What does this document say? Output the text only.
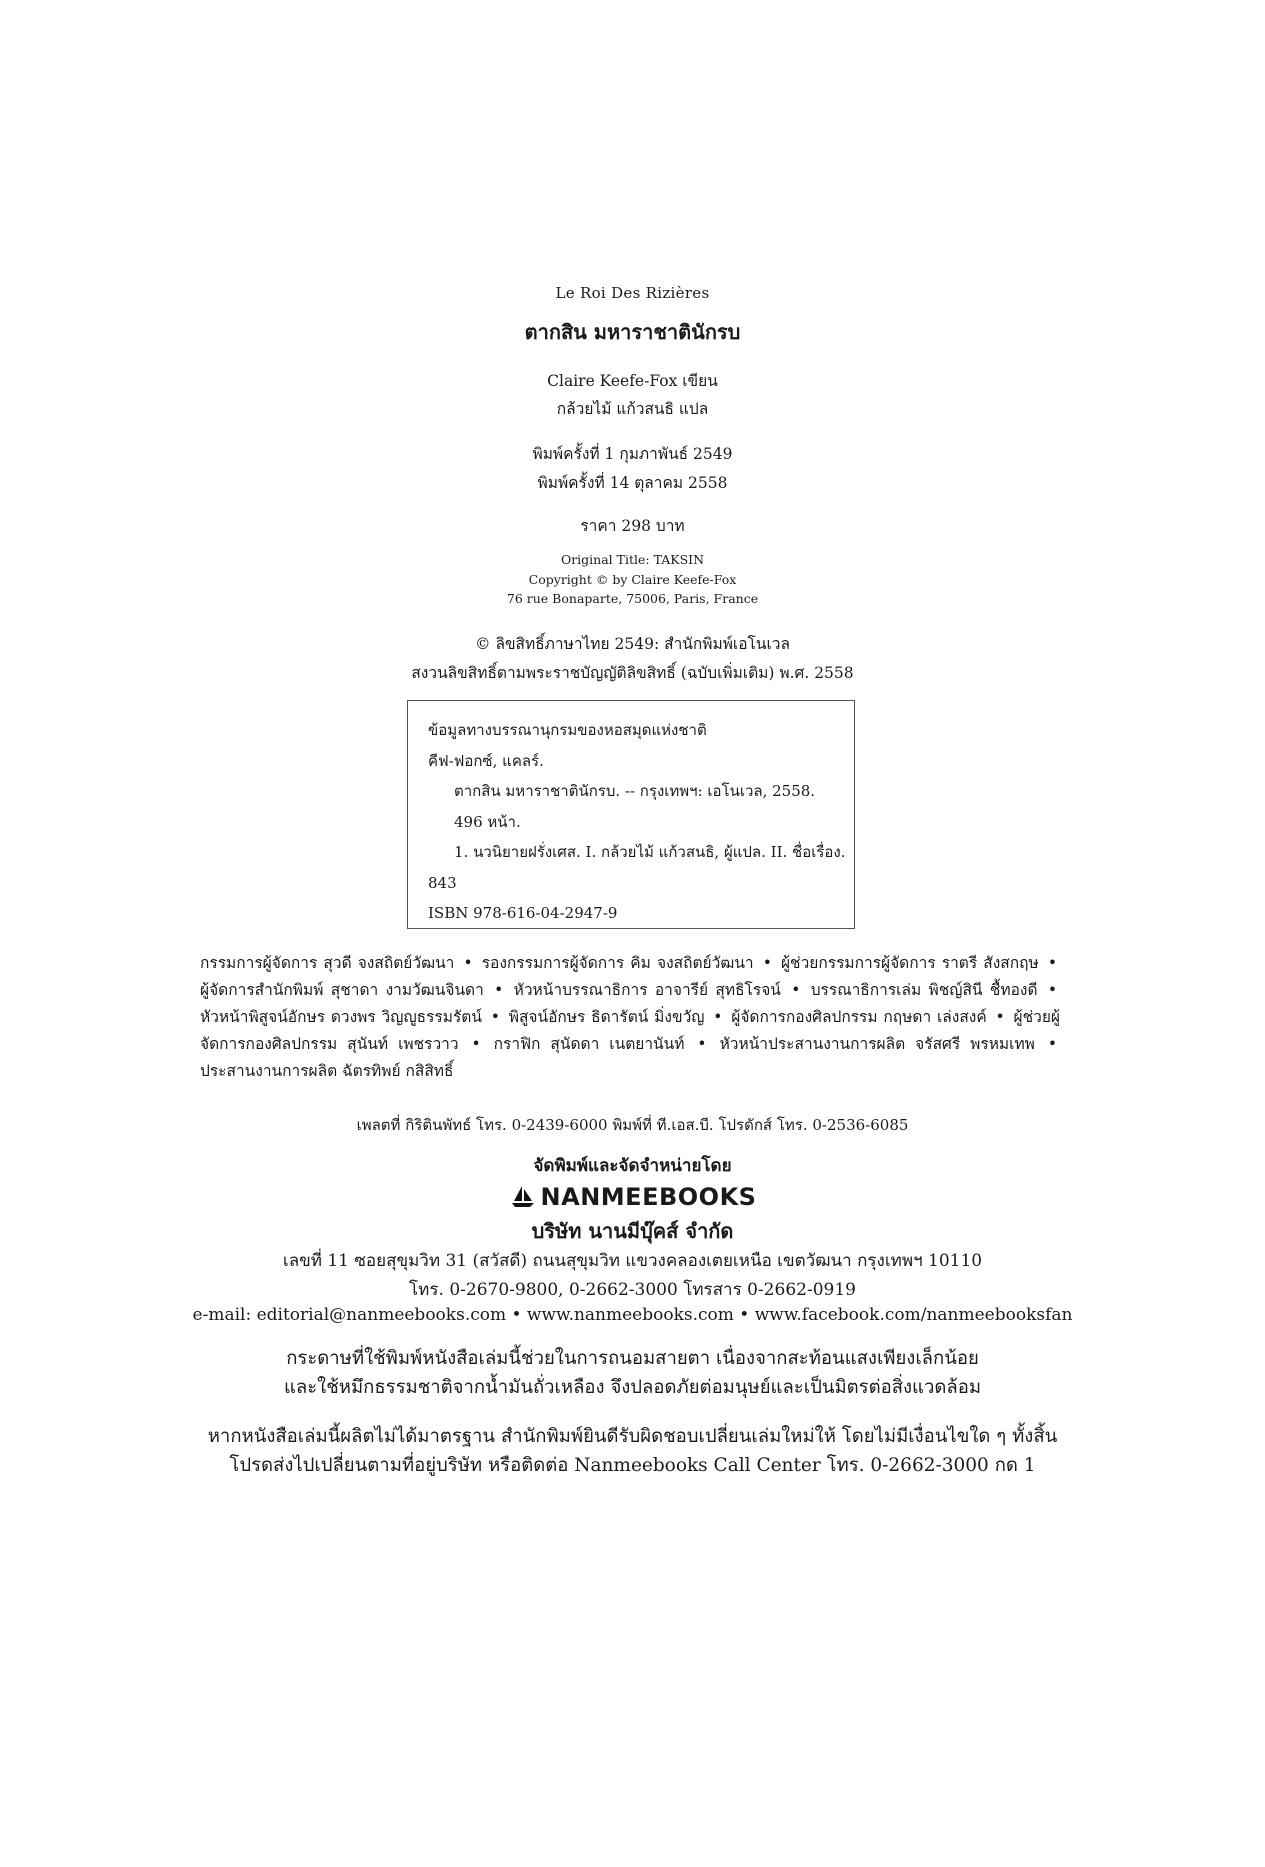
Le Roi Des Rizières
ตากสิน มหาราชาตินักรบ
Claire Keefe-Fox เขียน
กล้วยไม้ แก้วสนธิ แปล
พิมพ์ครั้งที่ 1 กุมภาพันธ์ 2549
พิมพ์ครั้งที่ 14 ตุลาคม 2558
ราคา 298 บาท
Original Title: TAKSIN
Copyright © by Claire Keefe-Fox
76 rue Bonaparte, 75006, Paris, France
© ลิขสิทธิ์ภาษาไทย 2549: สำนักพิมพ์เอโนเวล
สงวนลิขสิทธิ์ตามพระราชบัญญัติลิขสิทธิ์ (ฉบับเพิ่มเติม) พ.ศ. 2558
ข้อมูลทางบรรณานุกรมของหอสมุดแห่งชาติ
คีฟ-ฟอกซ์, แคลร์.
ตากสิน มหาราชาตินักรบ. -- กรุงเทพฯ: เอโนเวล, 2558.
496 หน้า.
1. นวนิยายฝรั่งเศส. I. กล้วยไม้ แก้วสนธิ, ผู้แปล. II. ชื่อเรื่อง.
843
ISBN 978-616-04-2947-9
กรรมการผู้จัดการ สุวดี จงสถิตย์วัฒนา • รองกรรมการผู้จัดการ คิม จงสถิตย์วัฒนา • ผู้ช่วยกรรมการผู้จัดการ ราตรี สังสกฤษ • ผู้จัดการสำนักพิมพ์ สุชาดา งามวัฒนจินดา • หัวหน้าบรรณาธิการ อาจารีย์ สุทธิโรจน์ • บรรณาธิการเล่ม พิชญ์สินี ชื้ทองดี • หัวหน้าพิสูจน์อักษร ดวงพร วิญญูธรรมรัตน์ • พิสูจน์อักษร ธิดารัตน์ มิ่งขวัญ • ผู้จัดการกองศิลปกรรม กฤษดา เล่งสงค์ • ผู้ช่วยผู้จัดการกองศิลปกรรม สุนันท์ เพชรวาว • กราฟิก สุนัดดา เนตยานันท์ • หัวหน้าประสานงานการผลิต จรัสศรี พรหมเทพ • ประสานงานการผลิต ฉัตรทิพย์ กสิสิทธิ์
เพลตที่ กิริตินพัทธ์ โทร. 0-2439-6000 พิมพ์ที่ ที.เอส.บี. โปรดักส์ โทร. 0-2536-6085
จัดพิมพ์และจัดจำหน่ายโดย
NANMEEBOOKS
บริษัท นานมีบุ๊คส์ จำกัด
เลขที่ 11 ซอยสุขุมวิท 31 (สวัสดี) ถนนสุขุมวิท แขวงคลองเตยเหนือ เขตวัฒนา กรุงเทพฯ 10110
โทร. 0-2670-9800, 0-2662-3000 โทรสาร 0-2662-0919
e-mail: editorial@nanmeebooks.com • www.nanmeebooks.com • www.facebook.com/nanmeebooksfan
กระดาษที่ใช้พิมพ์หนังสือเล่มนี้ช่วยในการถนอมสายตา เนื่องจากสะท้อนแสงเพียงเล็กน้อย
และใช้หมึกธรรมชาติจากน้ำมันถั่วเหลือง จึงปลอดภัยต่อมนุษย์และเป็นมิตรต่อสิ่งแวดล้อม
หากหนังสือเล่มนี้ผลิตไม่ได้มาตรฐาน สำนักพิมพ์ยินดีรับผิดชอบเปลี่ยนเล่มใหม่ให้ โดยไม่มีเงื่อนไขใด ๆ ทั้งสิ้น
โปรดส่งไปเปลี่ยนตามที่อยู่บริษัท หรือติดต่อ Nanmeebooks Call Center โทร. 0-2662-3000 กด 1
